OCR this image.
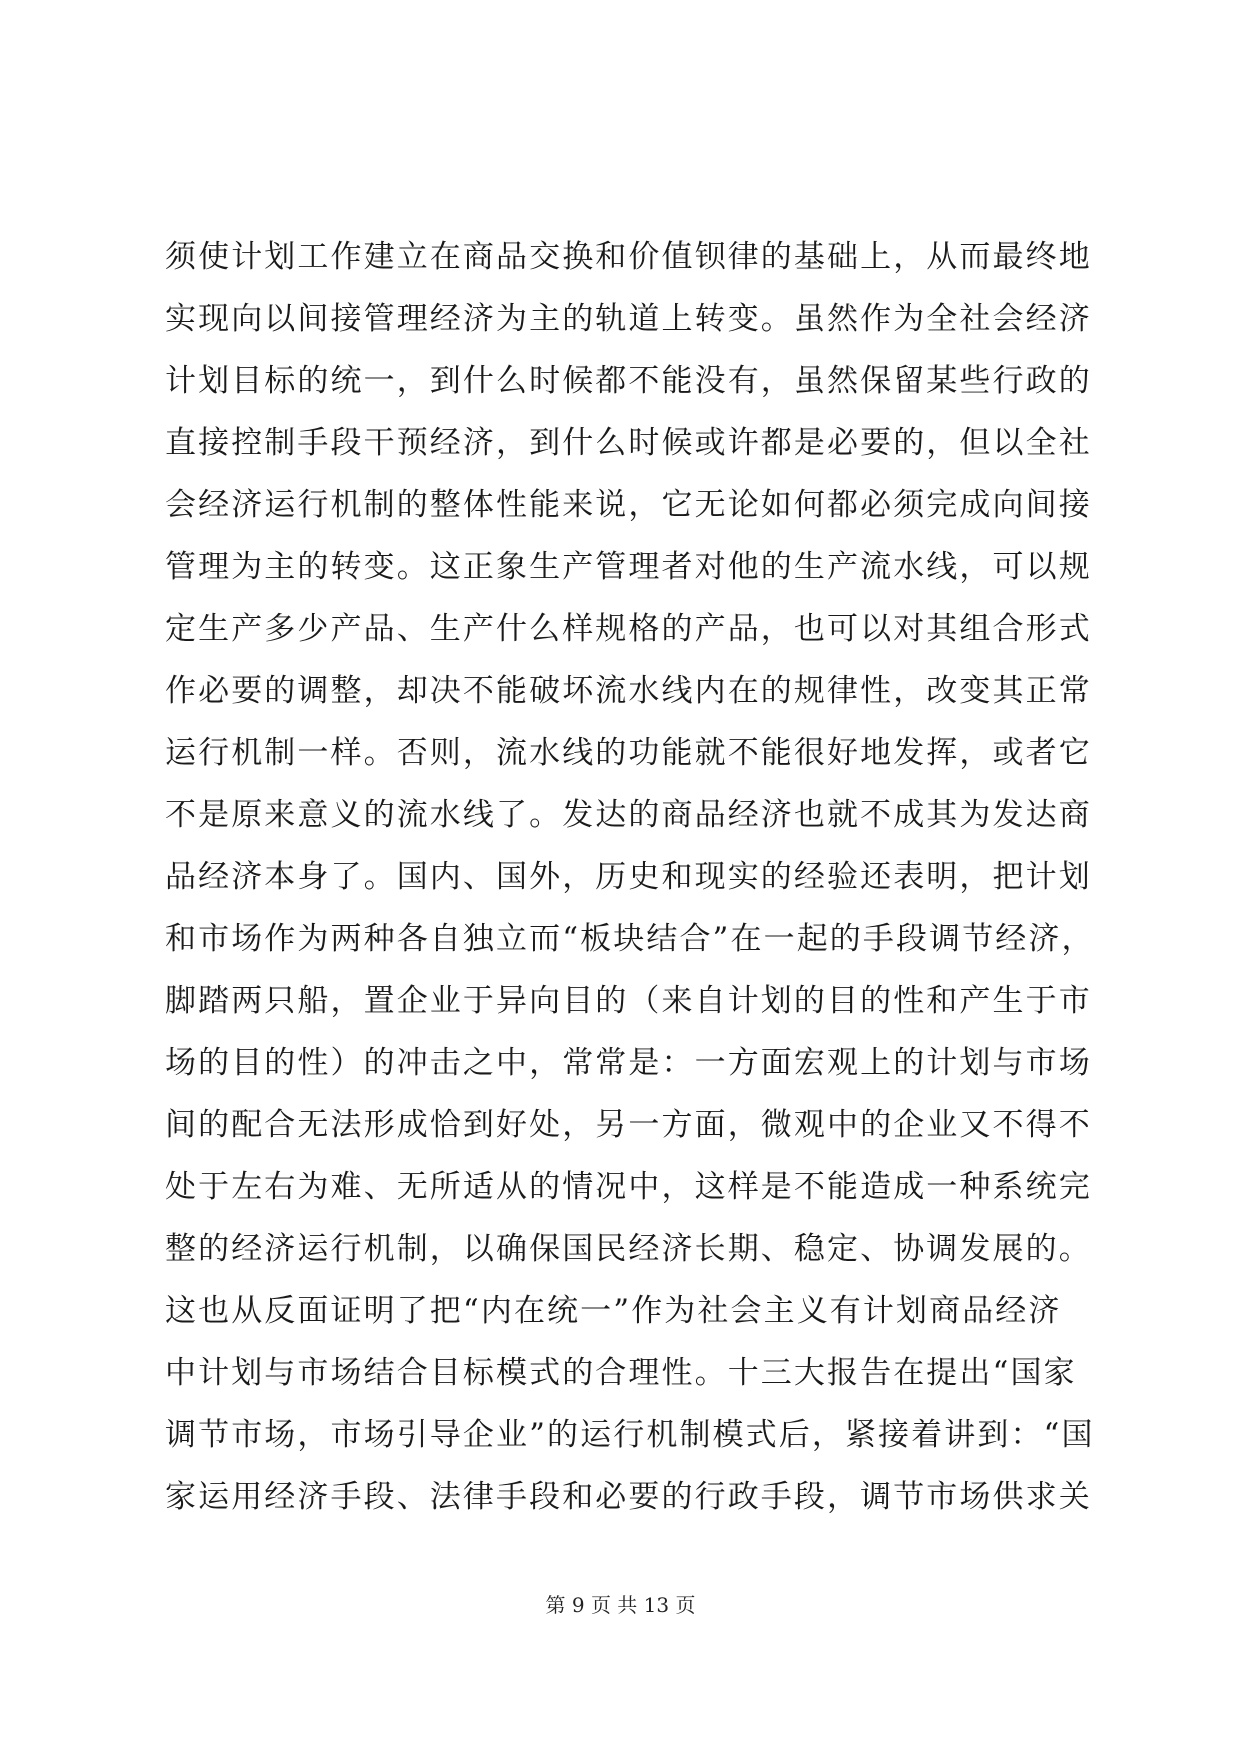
须使计划工作建立在商品交换和价值钡律的基础上，从而最终地
实现向以间接管理经济为主的轨道上转变。虽然作为全社会经济
计划目标的统一，到什么时候都不能没有，虽然保留某些行政的
直接控制手段干预经济，到什么时候或许都是必要的，但以全社
会经济运行机制的整体性能来说，它无论如何都必须完成向间接
管理为主的转变。这正象生产管理者对他的生产流水线，可以规
定生产多少产品、生产什么样规格的产品，也可以对其组合形式
作必要的调整，却决不能破坏流水线内在的规律性，改变其正常
运行机制一样。否则，流水线的功能就不能很好地发挥，或者它
不是原来意义的流水线了。发达的商品经济也就不成其为发达商
品经济本身了。国内、国外，历史和现实的经验还表明，把计划
和市场作为两种各自独立而“板块结合”在一起的手段调节经济，
脚踏两只船，置企业于异向目的（来自计划的目的性和产生于市
场的目的性）的冲击之中，常常是：一方面宏观上的计划与市场
间的配合无法形成恰到好处，另一方面，微观中的企业又不得不
处于左右为难、无所适从的情况中，这样是不能造成一种系统完
整的经济运行机制，以确保国民经济长期、稳定、协调发展的。
这也从反面证明了把“内在统一”作为社会主义有计划商品经济
中计划与市场结合目标模式的合理性。十三大报告在提出“国家
调节市场，市场引导企业”的运行机制模式后，紧接着讲到：“国
家运用经济手段、法律手段和必要的行政手段，调节市场供求关
第 9 页 共 13 页
